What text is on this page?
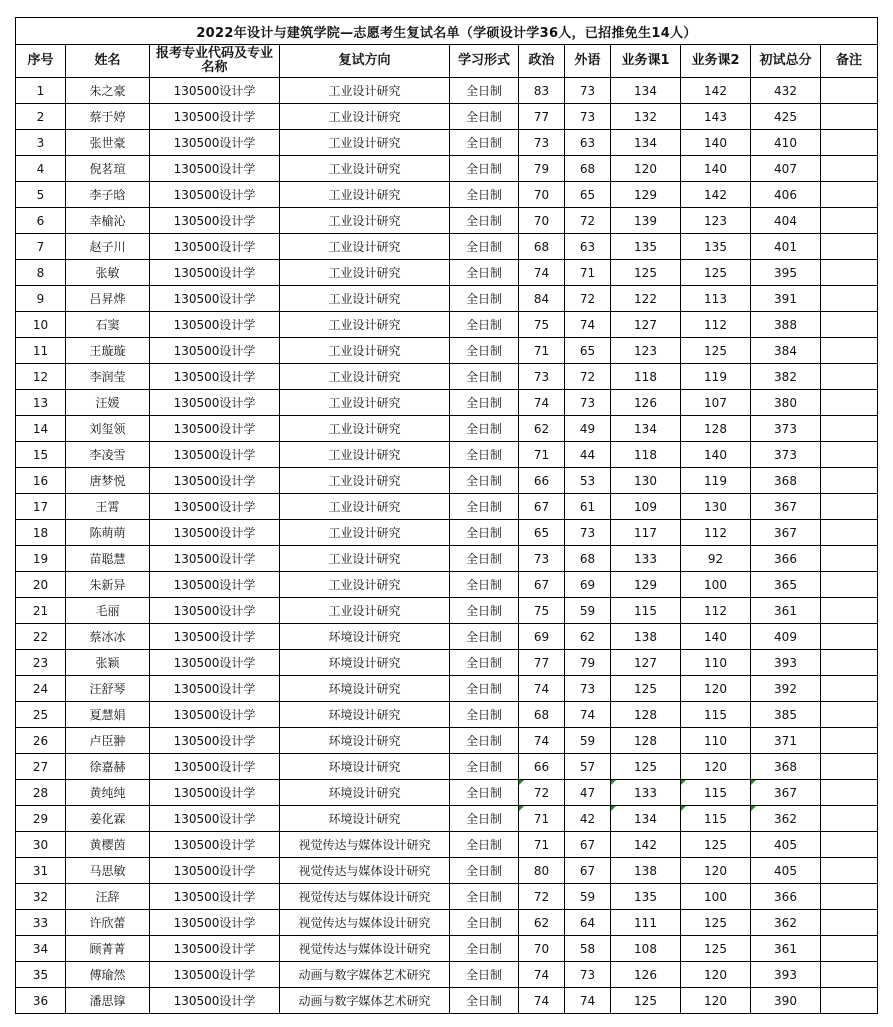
2022年设计与建筑学院—志愿考生复试名单（学硕设计学36人，已招推免生14人）										
序号	姓名	报考专业代码及专业名称	复试方向	学习形式	政治	外语	业务课1	业务课2	初试总分	备注
1	朱之豪	130500设计学	工业设计研究	全日制	83	73	134	142	432	
2	蔡于婷	130500设计学	工业设计研究	全日制	77	73	132	143	425	
3	张世豪	130500设计学	工业设计研究	全日制	73	63	134	140	410	
4	倪茗瑄	130500设计学	工业设计研究	全日制	79	68	120	140	407	
5	李子晗	130500设计学	工业设计研究	全日制	70	65	129	142	406	
6	幸榆沁	130500设计学	工业设计研究	全日制	70	72	139	123	404	
7	赵子川	130500设计学	工业设计研究	全日制	68	63	135	135	401	
8	张敏	130500设计学	工业设计研究	全日制	74	71	125	125	395	
9	吕昇烨	130500设计学	工业设计研究	全日制	84	72	122	113	391	
10	石窦	130500设计学	工业设计研究	全日制	75	74	127	112	388	
11	王璇璇	130500设计学	工业设计研究	全日制	71	65	123	125	384	
12	李润莹	130500设计学	工业设计研究	全日制	73	72	118	119	382	
13	汪媛	130500设计学	工业设计研究	全日制	74	73	126	107	380	
14	刘玺领	130500设计学	工业设计研究	全日制	62	49	134	128	373	
15	李凌雪	130500设计学	工业设计研究	全日制	71	44	118	140	373	
16	唐梦悦	130500设计学	工业设计研究	全日制	66	53	130	119	368	
17	王霄	130500设计学	工业设计研究	全日制	67	61	109	130	367	
18	陈萌萌	130500设计学	工业设计研究	全日制	65	73	117	112	367	
19	苗聪慧	130500设计学	工业设计研究	全日制	73	68	133	92	366	
20	朱新异	130500设计学	工业设计研究	全日制	67	69	129	100	365	
21	毛丽	130500设计学	工业设计研究	全日制	75	59	115	112	361	
22	蔡冰冰	130500设计学	环境设计研究	全日制	69	62	138	140	409	
23	张颖	130500设计学	环境设计研究	全日制	77	79	127	110	393	
24	汪舒琴	130500设计学	环境设计研究	全日制	74	73	125	120	392	
25	夏慧娟	130500设计学	环境设计研究	全日制	68	74	128	115	385	
26	卢臣翀	130500设计学	环境设计研究	全日制	74	59	128	110	371	
27	徐嘉赫	130500设计学	环境设计研究	全日制	66	57	125	120	368	
28	黄纯纯	130500设计学	环境设计研究	全日制	72	47	133	115	367	
29	姜化霖	130500设计学	环境设计研究	全日制	71	42	134	115	362	
30	黄樱茵	130500设计学	视觉传达与媒体设计研究	全日制	71	67	142	125	405	
31	马思敏	130500设计学	视觉传达与媒体设计研究	全日制	80	67	138	120	405	
32	汪辞	130500设计学	视觉传达与媒体设计研究	全日制	72	59	135	100	366	
33	许欣蕾	130500设计学	视觉传达与媒体设计研究	全日制	62	64	111	125	362	
34	顾菁菁	130500设计学	视觉传达与媒体设计研究	全日制	70	58	108	125	361	
35	傅瑜然	130500设计学	动画与数字媒体艺术研究	全日制	74	73	126	120	393	
36	潘思镎	130500设计学	动画与数字媒体艺术研究	全日制	74	74	125	120	390	
